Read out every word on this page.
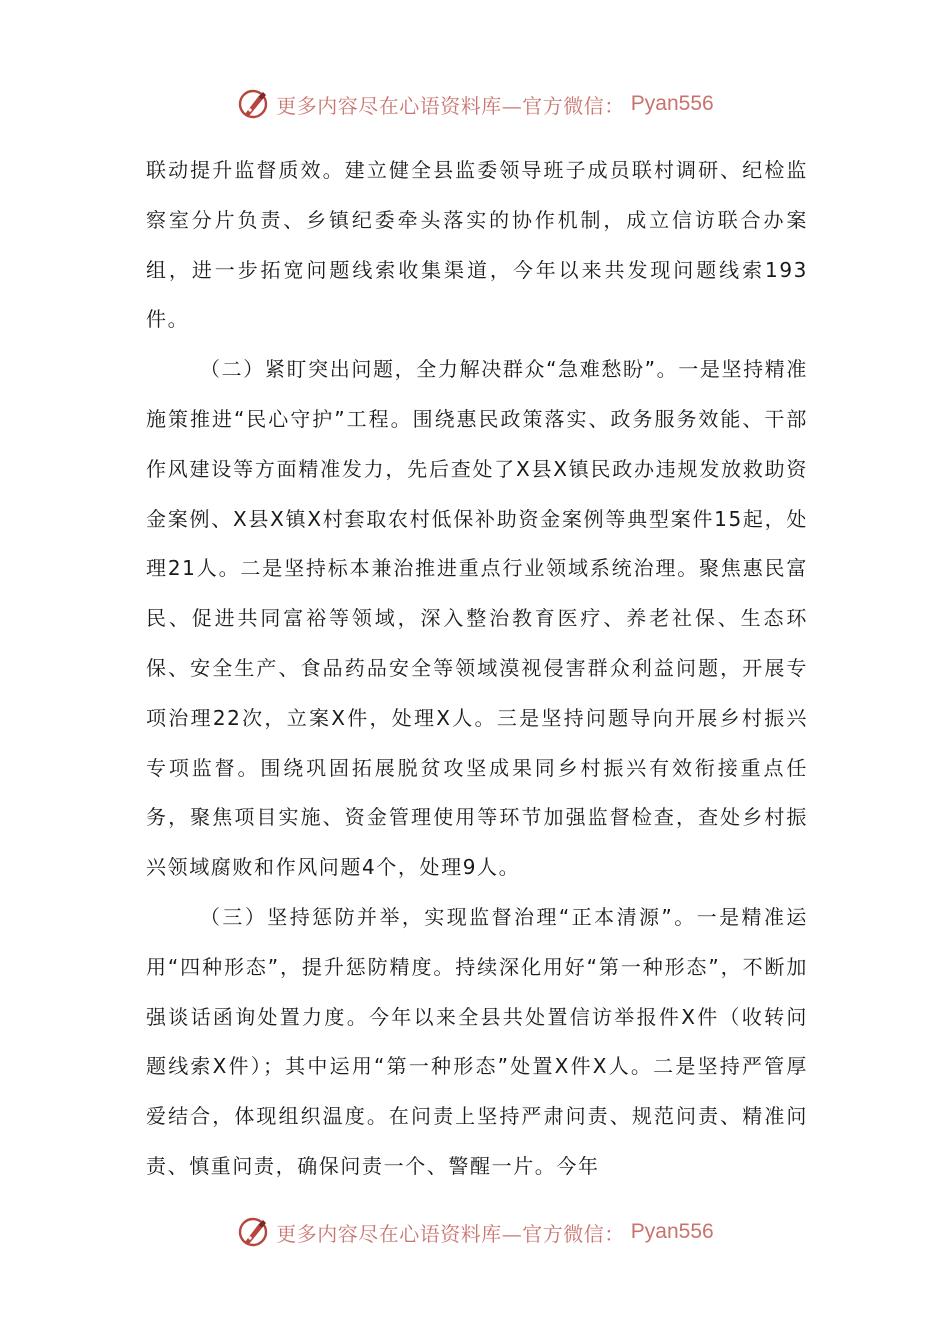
更多内容尽在心语资料库—官方微信： Pyan556

联动提升监督质效。建立健全县监委领导班子成员联村调研、纪检监察室分片负责、乡镇纪委牵头落实的协作机制，成立信访联合办案组，进一步拓宽问题线索收集渠道，今年以来共发现问题线索193件。

（二）紧盯突出问题，全力解决群众“急难愁盼”。一是坚持精准施策推进“民心守护”工程。围绕惠民政策落实、政务服务效能、干部作风建设等方面精准发力，先后查处了X县X镇民政办违规发放救助资金案例、X县X镇X村套取农村低保补助资金案例等典型案件15起，处理21人。二是坚持标本兼治推进重点行业领域系统治理。聚焦惠民富民、促进共同富裕等领域，深入整治教育医疗、养老社保、生态环保、安全生产、食品药品安全等领域漠视侵害群众利益问题，开展专项治理22次，立案X件，处理X人。三是坚持问题导向开展乡村振兴专项监督。围绕巩固拓展脱贫攻坚成果同乡村振兴有效衔接重点任务，聚焦项目实施、资金管理使用等环节加强监督检查，查处乡村振兴领域腐败和作风问题4个，处理9人。

（三）坚持惩防并举，实现监督治理“正本清源”。一是精准运用“四种形态”，提升惩防精度。持续深化用好“第一种形态”，不断加强谈话函询处置力度。今年以来全县共处置信访举报件X件（收转问题线索X件）；其中运用“第一种形态”处置X件X人。二是坚持严管厚爱结合，体现组织温度。在问责上坚持严肃问责、规范问责、精准问责、慎重问责，确保问责一个、警醒一片。今年

更多内容尽在心语资料库—官方微信： Pyan556
